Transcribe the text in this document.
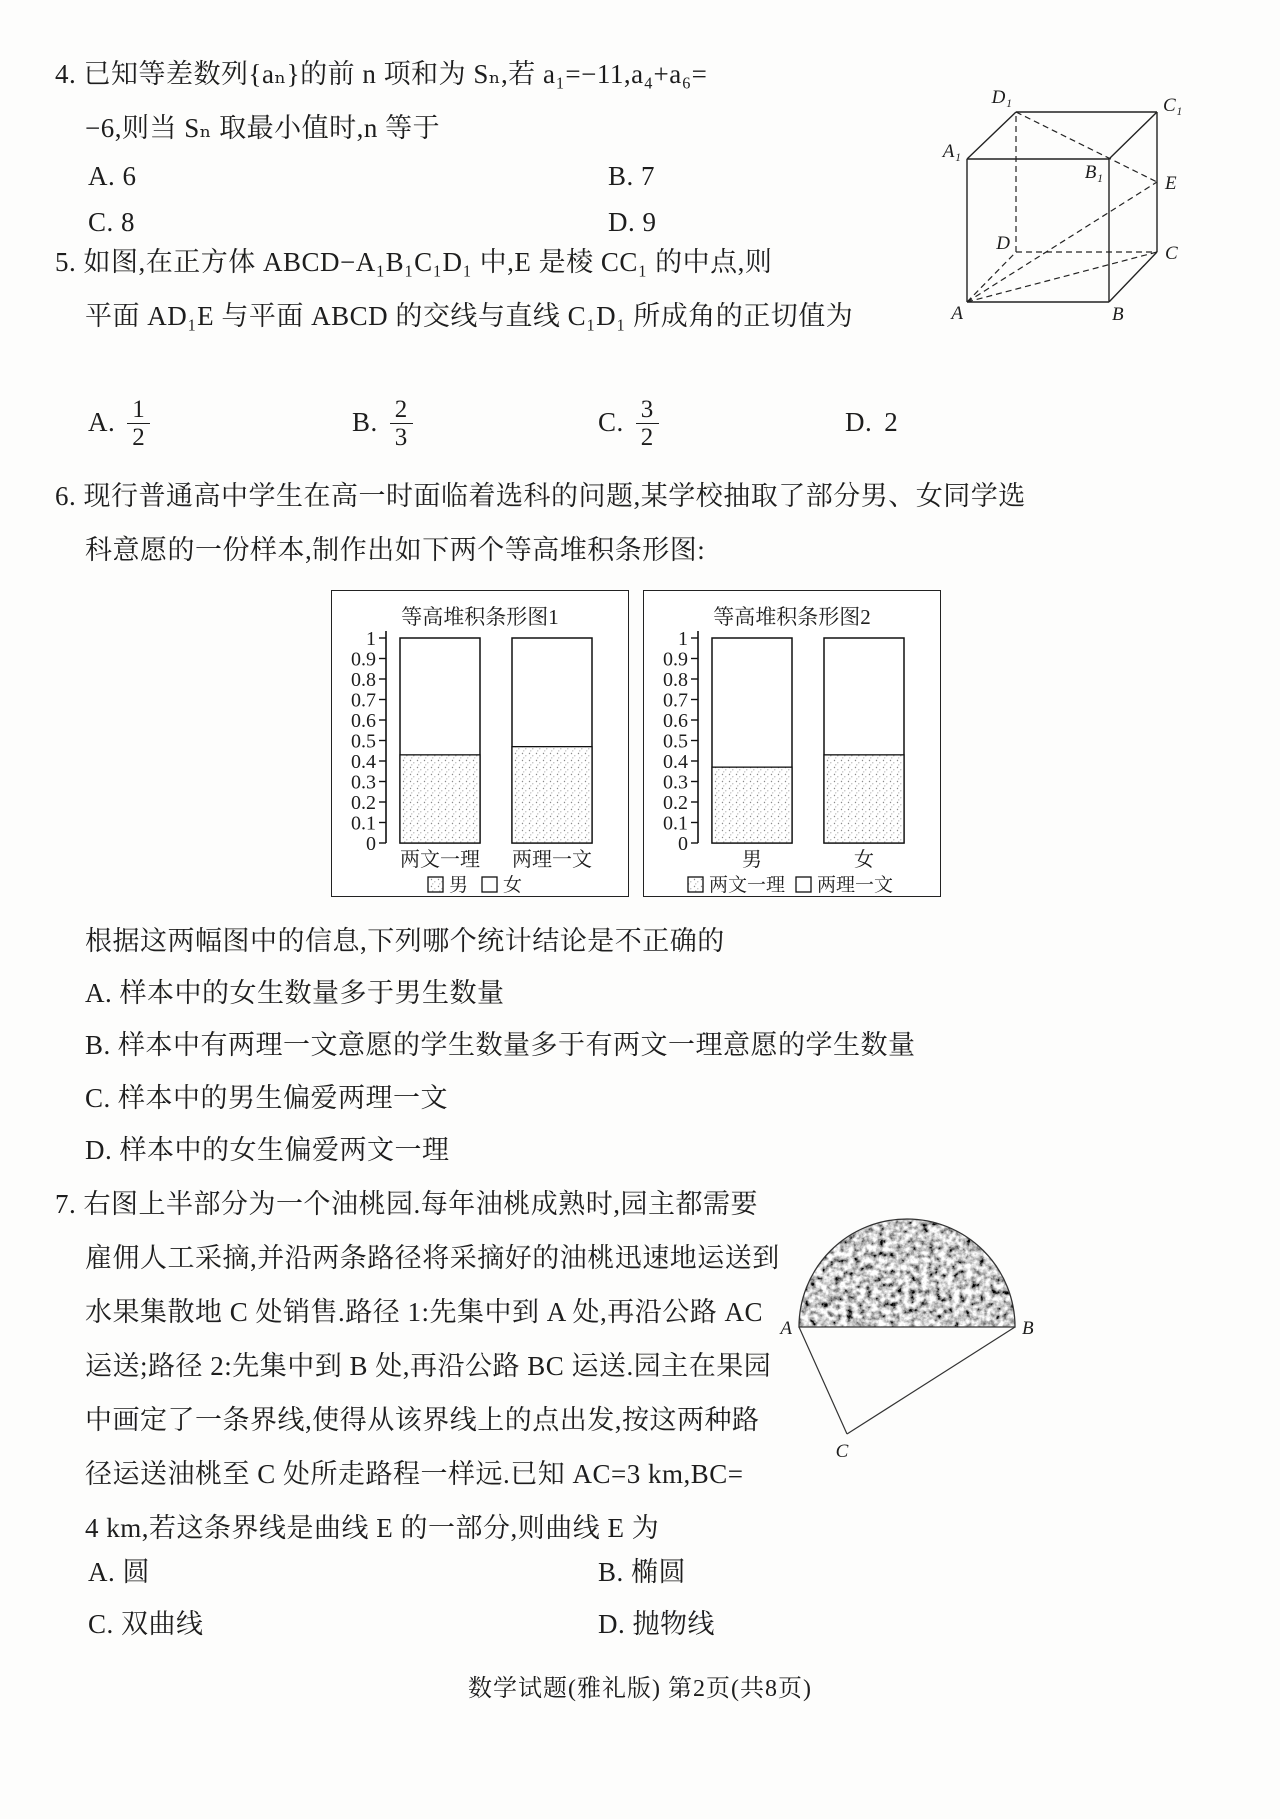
4. 已知等差数列{aₙ}的前 n 项和为 Sₙ,若 a₁=−11,a₄+a₆=
−6,则当 Sₙ 取最小值时,n 等于
A. 6	B. 7
C. 8	D. 9
A	B
C
D
A₁
B₁
C₁
D₁
E
5. 如图,在正方体 ABCD−A₁B₁C₁D₁ 中,E 是棱 CC₁ 的中点,则
平面 AD₁E 与平面 ABCD 的交线与直线 C₁D₁ 所成角的正切值为
A. $\frac{1}{2}$	B. $\frac{2}{3}$	C. $\frac{3}{2}$	D. 2
6. 现行普通高中学生在高一时面临着选科的问题,某学校抽取了部分男、女同学选
科意愿的一份样本,制作出如下两个等高堆积条形图:
等高堆积条形图1
0
0.1
0.2
0.3
0.4
0.5
0.6
0.7
0.8
0.9
1
两文一理 两理一文
男 女
等高堆积条形图2
0
0.1
0.2
0.3
0.4
0.5
0.6
0.7
0.8
0.9
1
男	女
两文一理 两理一文
根据这两幅图中的信息,下列哪个统计结论是不正确的
A. 样本中的女生数量多于男生数量
B. 样本中有两理一文意愿的学生数量多于有两文一理意愿的学生数量
C. 样本中的男生偏爱两理一文
D. 样本中的女生偏爱两文一理
7. 右图上半部分为一个油桃园.每年油桃成熟时,园主都需要
雇佣人工采摘,并沿两条路径将采摘好的油桃迅速地运送到
水果集散地 C 处销售.路径 1:先集中到 A 处,再沿公路 AC
运送;路径 2:先集中到 B 处,再沿公路 BC 运送.园主在果园
中画定了一条界线,使得从该界线上的点出发,按这两种路
径运送油桃至 C 处所走路程一样远.已知 AC=3 km,BC=
4 km,若这条界线是曲线 E 的一部分,则曲线 E 为
A	B
C
A. 圆	B. 椭圆
C. 双曲线	D. 抛物线
数学试题(雅礼版) 第2页(共8页)
